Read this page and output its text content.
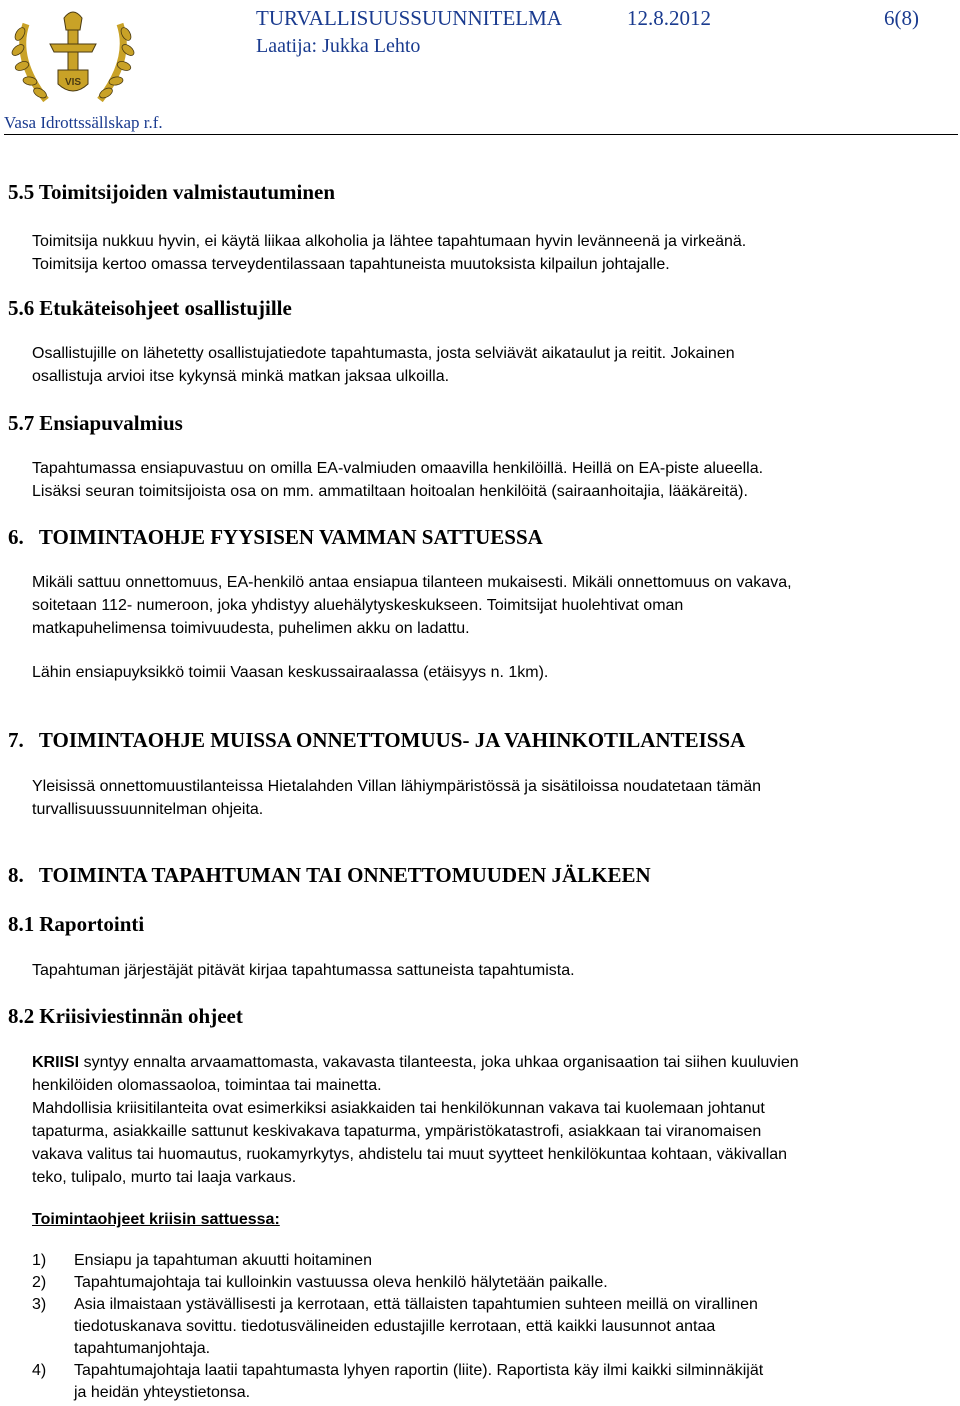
VIS
TURVALLISUUSSUUNNITELMA	12.8.2012	6(8)
Laatija: Jukka Lehto
Vasa Idrottssällskap r.f.
5.5 Toimitsijoiden valmistautuminen
Toimitsija nukkuu hyvin, ei käytä liikaa alkoholia ja lähtee tapahtumaan hyvin levänneenä ja virkeänä.
Toimitsija kertoo omassa terveydentilassaan tapahtuneista muutoksista kilpailun johtajalle.
5.6 Etukäteisohjeet osallistujille
Osallistujille on lähetetty osallistujatiedote tapahtumasta, josta selviävät aikataulut ja reitit. Jokainen
osallistuja arvioi itse kykynsä minkä matkan jaksaa ulkoilla.
5.7 Ensiapuvalmius
Tapahtumassa ensiapuvastuu on omilla EA-valmiuden omaavilla henkilöillä. Heillä on EA-piste alueella.
Lisäksi seuran toimitsijoista osa on mm. ammatiltaan hoitoalan henkilöitä (sairaanhoitajia, lääkäreitä).
6. TOIMINTAOHJE FYYSISEN VAMMAN SATTUESSA
Mikäli sattuu onnettomuus, EA-henkilö antaa ensiapua tilanteen mukaisesti. Mikäli onnettomuus on vakava,
soitetaan 112- numeroon, joka yhdistyy aluehälytyskeskukseen. Toimitsijat huolehtivat oman
matkapuhelimensa toimivuudesta, puhelimen akku on ladattu.
Lähin ensiapuyksikkö toimii Vaasan keskussairaalassa (etäisyys n. 1km).
7. TOIMINTAOHJE MUISSA ONNETTOMUUS- JA VAHINKOTILANTEISSA
Yleisissä onnettomuustilanteissa Hietalahden Villan lähiympäristössä ja sisätiloissa noudatetaan tämän
turvallisuussuunnitelman ohjeita.
8. TOIMINTA TAPAHTUMAN TAI ONNETTOMUUDEN JÄLKEEN
8.1 Raportointi
Tapahtuman järjestäjät pitävät kirjaa tapahtumassa sattuneista tapahtumista.
8.2 Kriisiviestinnän ohjeet
KRIISI syntyy ennalta arvaamattomasta, vakavasta tilanteesta, joka uhkaa organisaation tai siihen kuuluvien
henkilöiden olomassaoloa, toimintaa tai mainetta.
Mahdollisia kriisitilanteita ovat esimerkiksi asiakkaiden tai henkilökunnan vakava tai kuolemaan johtanut
tapaturma, asiakkaille sattunut keskivakava tapaturma, ympäristökatastrofi, asiakkaan tai viranomaisen
vakava valitus tai huomautus, ruokamyrkytys, ahdistelu tai muut syytteet henkilökuntaa kohtaan, väkivallan
teko, tulipalo, murto tai laaja varkaus.
Toimintaohjeet kriisin sattuessa:
1) Ensiapu ja tapahtuman akuutti hoitaminen
2) Tapahtumajohtaja tai kulloinkin vastuussa oleva henkilö hälytetään paikalle.
3) Asia ilmaistaan ystävällisesti ja kerrotaan, että tällaisten tapahtumien suhteen meillä on virallinen
tiedotuskanava sovittu. tiedotusvälineiden edustajille kerrotaan, että kaikki lausunnot antaa
tapahtumanjohtaja.
4) Tapahtumajohtaja laatii tapahtumasta lyhyen raportin (liite). Raportista käy ilmi kaikki silminnäkijät
ja heidän yhteystietonsa.
